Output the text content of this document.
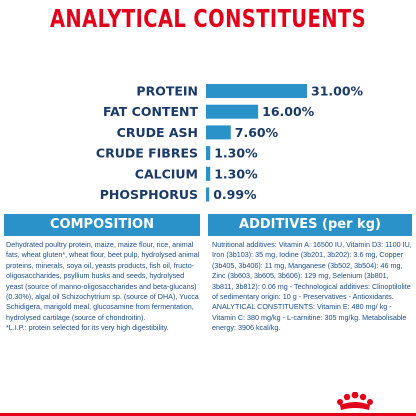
ANALYTICAL CONSTITUENTS
PROTEIN	31.00%
FAT CONTENT	16.00%
CRUDE ASH	7.60%
CRUDE FIBRES 1.30%
CALCIUM 1.30%
PHOSPHORUS 0.99%
COMPOSITION	ADDITIVES (per kg)

Dehydrated poultry protein, maize, maize flour, rice, animal fats, wheat gluten*, wheat flour, beet pulp, hydrolysed animal proteins, minerals, soya oil, yeasts products, fish oil, fructo-oligosaccharides, psyllium husks and seeds, hydrolysed yeast (source of manno-oligosaccharides and beta-glucans) (0.30%), algal oil Schizochytrium sp. (source of DHA), Yucca Schidigera, marigold meal, glucosamine from fermentation, hydrolysed cartilage (source of chondroitin).
*L.I.P.: protein selected for its very high digestibility.

Nutritional additives: Vitamin A: 16500 IU, Vitamin D3: 1100 IU, Iron (3b103): 35 mg, Iodine (3b201, 3b202): 3.6 mg, Copper (3b405, 3b406): 11 mg, Manganese (3b502, 3b504): 46 mg, Zinc (3b603, 3b605, 3b606): 129 mg, Selenium (3b801, 3b811, 3b812): 0.06 mg - Technological additives: Clinoptilolite of sedimentary origin: 10 g - Preservatives - Antioxidants.
ANALYTICAL CONSTITUENTS: Vitamin E: 480 mg/ kg - Vitamin C: 380 mg/kg - L-carnitine: 305 mg/kg. Metabolisable energy: 3906 kcal/kg.
